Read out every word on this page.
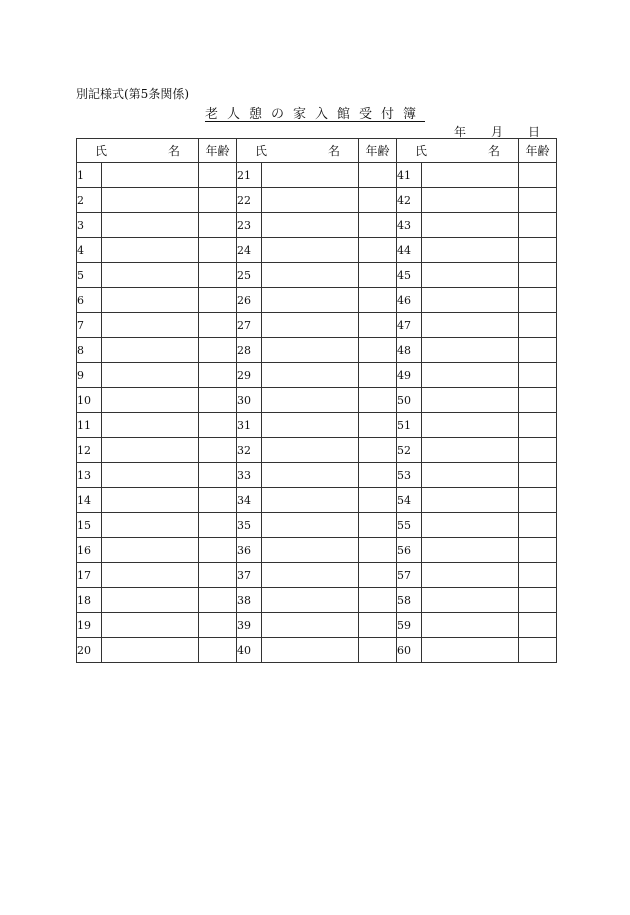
別記様式(第5条関係)
老人憩の家入館受付簿
年 月 日
氏 名		年齢	氏 名		年齢	氏 名		年齢
1			21			41		
2			22			42		
3			23			43		
4			24			44		
5			25			45		
6			26			46		
7			27			47		
8			28			48		
9			29			49		
10			30			50		
11			31			51		
12			32			52		
13			33			53		
14			34			54		
15			35			55		
16			36			56		
17			37			57		
18			38			58		
19			39			59		
20			40			60		
